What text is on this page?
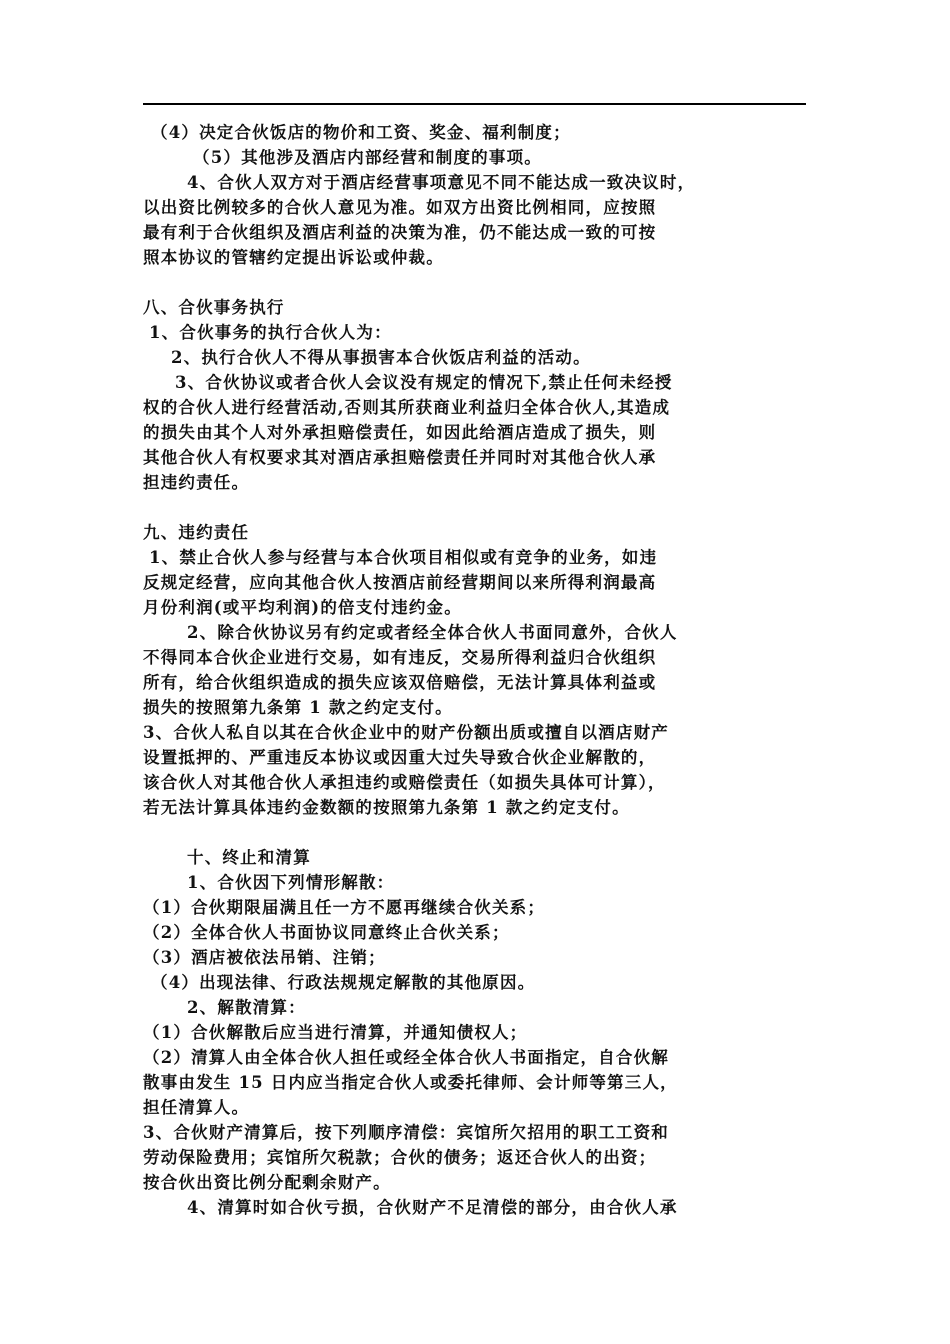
（4）决定合伙饭店的物价和工资、奖金、福利制度；

（5）其他涉及酒店内部经营和制度的事项。

4、合伙人双方对于酒店经营事项意见不同不能达成一致决议时，

以出资比例较多的合伙人意见为准。如双方出资比例相同，应按照

最有利于合伙组织及酒店利益的决策为准，仍不能达成一致的可按

照本协议的管辖约定提出诉讼或仲裁。

八、合伙事务执行

1、合伙事务的执行合伙人为：

2、执行合伙人不得从事损害本合伙饭店利益的活动。

3、合伙协议或者合伙人会议没有规定的情况下,禁止任何未经授

权的合伙人进行经营活动,否则其所获商业利益归全体合伙人,其造成

的损失由其个人对外承担赔偿责任，如因此给酒店造成了损失，则

其他合伙人有权要求其对酒店承担赔偿责任并同时对其他合伙人承

担违约责任。

九、违约责任

1、禁止合伙人参与经营与本合伙项目相似或有竞争的业务，如违

反规定经营，应向其他合伙人按酒店前经营期间以来所得利润最高

月份利润(或平均利润)的倍支付违约金。

2、除合伙协议另有约定或者经全体合伙人书面同意外，合伙人

不得同本合伙企业进行交易，如有违反，交易所得利益归合伙组织

所有，给合伙组织造成的损失应该双倍赔偿，无法计算具体利益或

损失的按照第九条第 1 款之约定支付。

3、合伙人私自以其在合伙企业中的财产份额出质或擅自以酒店财产

设置抵押的、严重违反本协议或因重大过失导致合伙企业解散的，

该合伙人对其他合伙人承担违约或赔偿责任（如损失具体可计算），

若无法计算具体违约金数额的按照第九条第 1 款之约定支付。

十、终止和清算

1、合伙因下列情形解散：

（1）合伙期限届满且任一方不愿再继续合伙关系；

（2）全体合伙人书面协议同意终止合伙关系；

（3）酒店被依法吊销、注销；

（4）出现法律、行政法规规定解散的其他原因。

2、解散清算：

（1）合伙解散后应当进行清算，并通知债权人；

（2）清算人由全体合伙人担任或经全体合伙人书面指定，自合伙解

散事由发生 15 日内应当指定合伙人或委托律师、会计师等第三人，

担任清算人。

3、合伙财产清算后，按下列顺序清偿：宾馆所欠招用的职工工资和

劳动保险费用；宾馆所欠税款；合伙的债务；返还合伙人的出资；

按合伙出资比例分配剩余财产。

4、清算时如合伙亏损，合伙财产不足清偿的部分，由合伙人承
